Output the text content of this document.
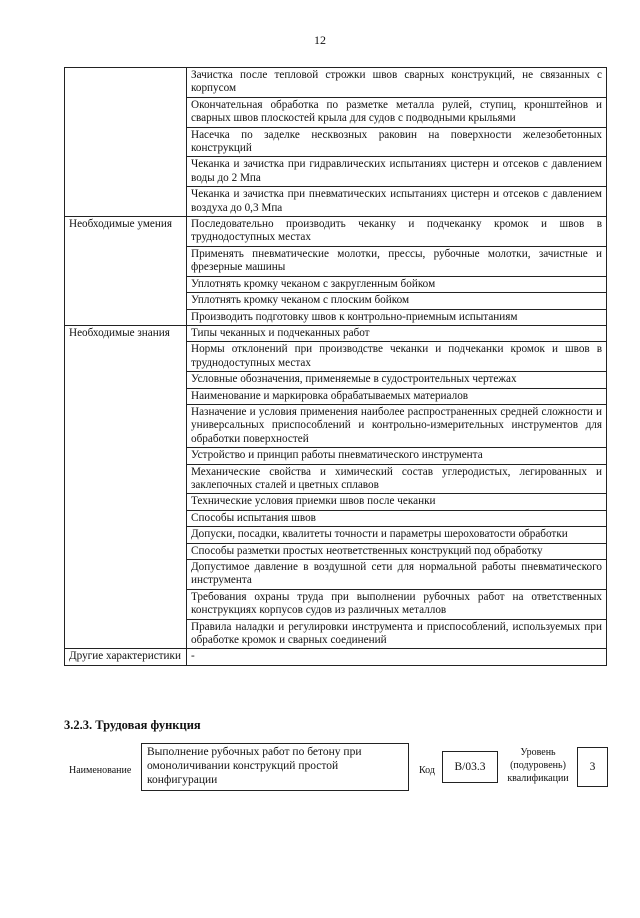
12
	Зачистка после тепловой строжки швов сварных конструкций, не связанных с корпусом
	Окончательная обработка по разметке металла рулей, ступиц, кронштейнов и сварных швов плоскостей крыла для судов с подводными крыльями
	Насечка по заделке несквозных раковин на поверхности железобетонных конструкций
	Чеканка и зачистка при гидравлических испытаниях цистерн и отсеков с давлением воды до 2 Мпа
	Чеканка и зачистка при пневматических испытаниях цистерн и отсеков с давлением воздуха до 0,3 Мпа
Необходимые умения	Последовательно производить чеканку и подчеканку кромок и швов в труднодоступных местах
	Применять пневматические молотки, прессы, рубочные молотки, зачистные и фрезерные машины
	Уплотнять кромку чеканом с закругленным бойком
	Уплотнять кромку чеканом с плоским бойком
	Производить подготовку швов к контрольно-приемным испытаниям
Необходимые знания	Типы чеканных и подчеканных работ
	Нормы отклонений при производстве чеканки и подчеканки кромок и швов в труднодоступных местах
	Условные обозначения, применяемые в судостроительных чертежах
	Наименование и маркировка обрабатываемых материалов
	Назначение и условия применения наиболее распространенных средней сложности и универсальных приспособлений и контрольно-измерительных инструментов для обработки поверхностей
	Устройство и принцип работы пневматического инструмента
	Механические свойства и химический состав углеродистых, легированных и заклепочных сталей и цветных сплавов
	Технические условия приемки швов после чеканки
	Способы испытания швов
	Допуски, посадки, квалитеты точности и параметры шероховатости обработки
	Способы разметки простых неответственных конструкций под обработку
	Допустимое давление в воздушной сети для нормальной работы пневматического инструмента
	Требования охраны труда при выполнении рубочных работ на ответственных конструкциях корпусов судов из различных металлов
	Правила наладки и регулировки инструмента и приспособлений, используемых при обработке кромок и сварных соединений
Другие характеристики	-
3.2.3. Трудовая функция
Наименование
Выполнение рубочных работ по бетону при омоноличивании конструкций простой конфигурации
Код	В/03.3
Уровень (подуровень) квалификации
3
